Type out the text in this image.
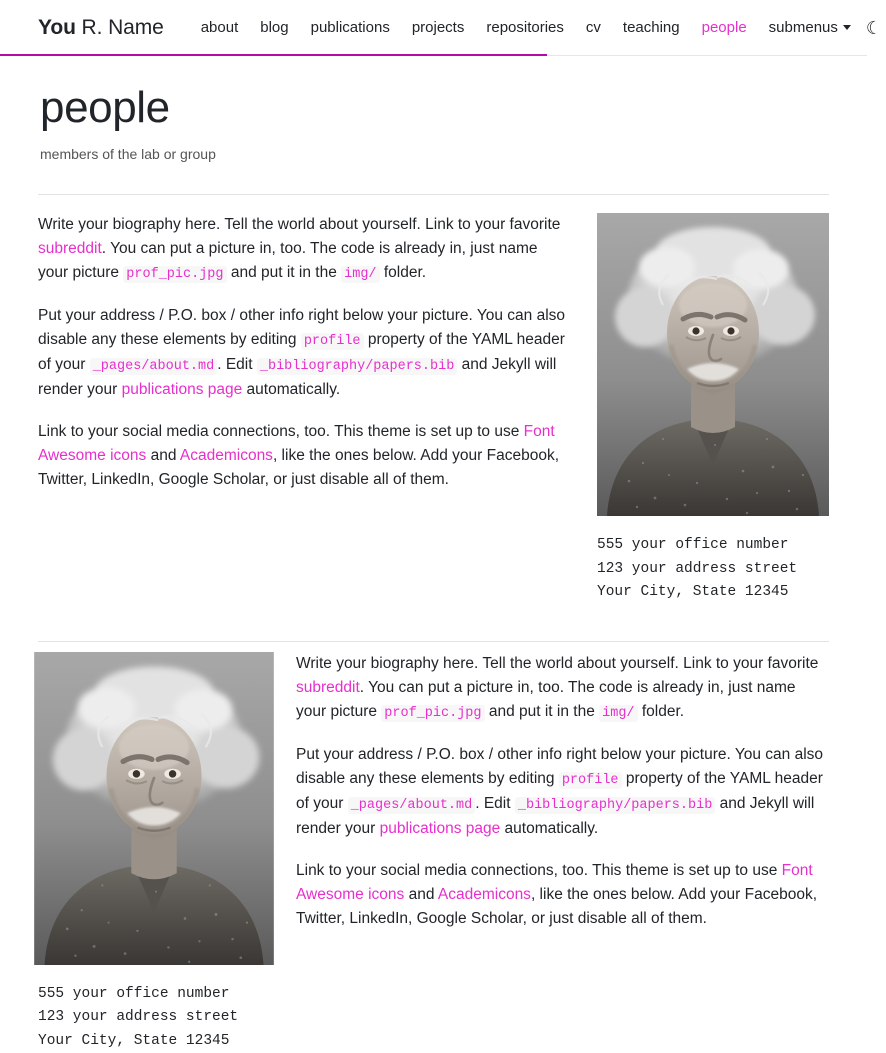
You R. Name	about	blog	publications	projects	repositories	cv	teaching	people	submenus	☾
people
members of the lab or group

Write your biography here. Tell the world about yourself. Link to your favorite subreddit. You can put a picture in, too. The code is already in, just name your picture prof_pic.jpg and put it in the img/ folder.

Put your address / P.O. box / other info right below your picture. You can also disable any these elements by editing profile property of the YAML header of your _pages/about.md . Edit _bibliography/papers.bib and Jekyll will render your publications page automatically.

Link to your social media connections, too. This theme is set up to use Font Awesome icons and Academicons, like the ones below. Add your Facebook, Twitter, LinkedIn, Google Scholar, or just disable all of them.

555 your office number
123 your address street
Your City, State 12345

Write your biography here. Tell the world about yourself. Link to your favorite subreddit. You can put a picture in, too. The code is already in, just name your picture prof_pic.jpg and put it in the img/ folder.

Put your address / P.O. box / other info right below your picture. You can also disable any these elements by editing profile property of the YAML header of your _pages/about.md . Edit _bibliography/papers.bib and Jekyll will render your publications page automatically.

Link to your social media connections, too. This theme is set up to use Font Awesome icons and Academicons, like the ones below. Add your Facebook, Twitter, LinkedIn, Google Scholar, or just disable all of them.

555 your office number
123 your address street
Your City, State 12345
